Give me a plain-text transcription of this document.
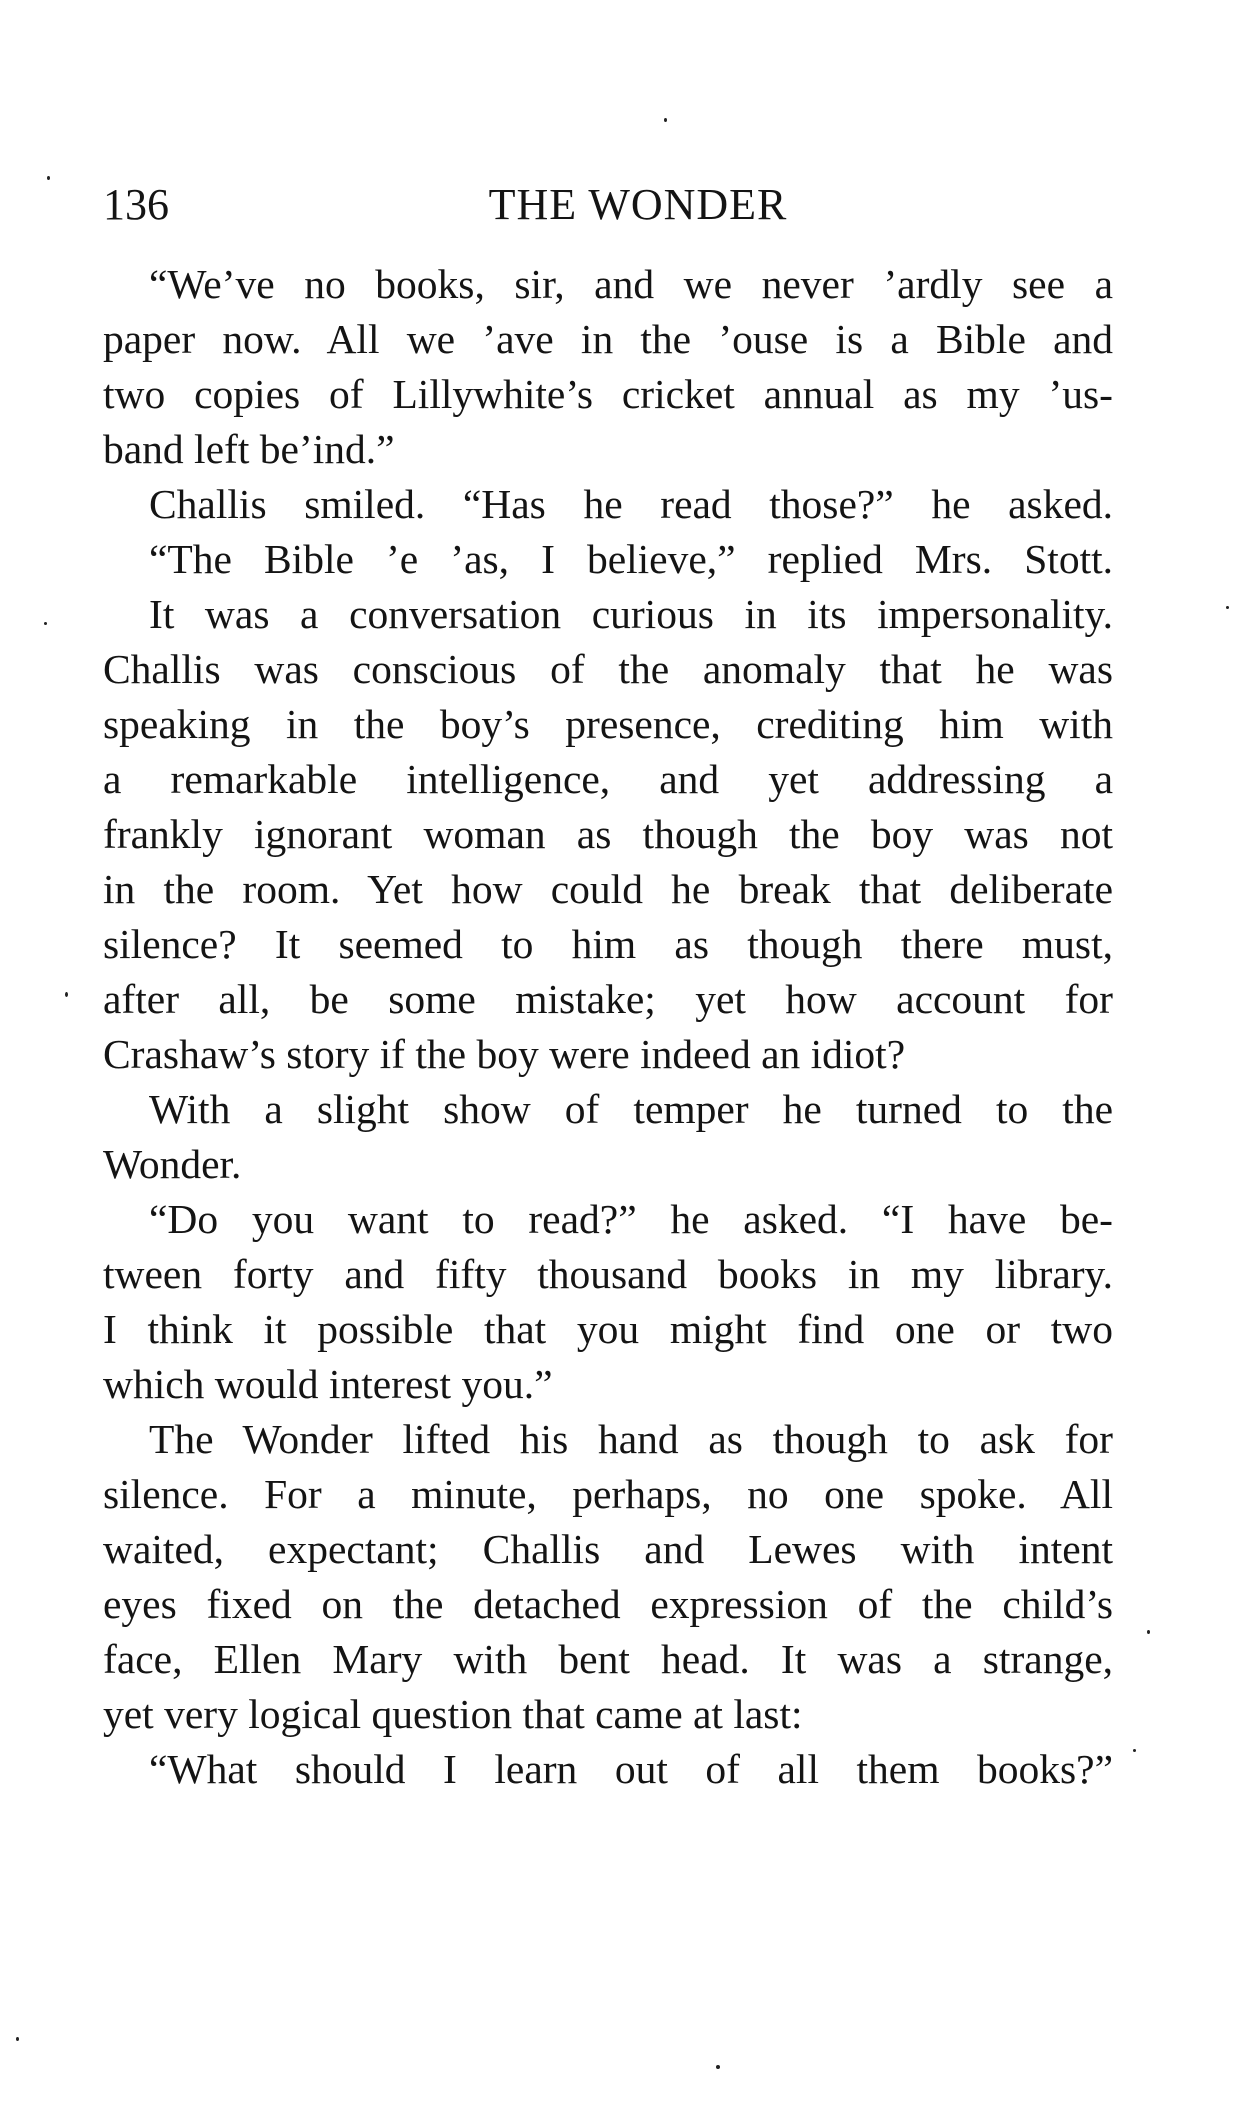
136	THE WONDER
“We’ve no books, sir, and we never ’ardly see a
paper now. All we ’ave in the ’ouse is a Bible and
two copies of Lillywhite’s cricket annual as my ’us-
band left be’ind.”
Challis smiled. “Has he read those?” he asked.
“The Bible ’e ’as, I believe,” replied Mrs. Stott.
It was a conversation curious in its impersonality.
Challis was conscious of the anomaly that he was
speaking in the boy’s presence, crediting him with
a remarkable intelligence, and yet addressing a
frankly ignorant woman as though the boy was not
in the room. Yet how could he break that deliberate
silence? It seemed to him as though there must,
after all, be some mistake; yet how account for
Crashaw’s story if the boy were indeed an idiot?
With a slight show of temper he turned to the
Wonder.
“Do you want to read?” he asked. “I have be-
tween forty and fifty thousand books in my library.
I think it possible that you might find one or two
which would interest you.”
The Wonder lifted his hand as though to ask for
silence. For a minute, perhaps, no one spoke. All
waited, expectant; Challis and Lewes with intent
eyes fixed on the detached expression of the child’s
face, Ellen Mary with bent head. It was a strange,
yet very logical question that came at last:
“What should I learn out of all them books?”
